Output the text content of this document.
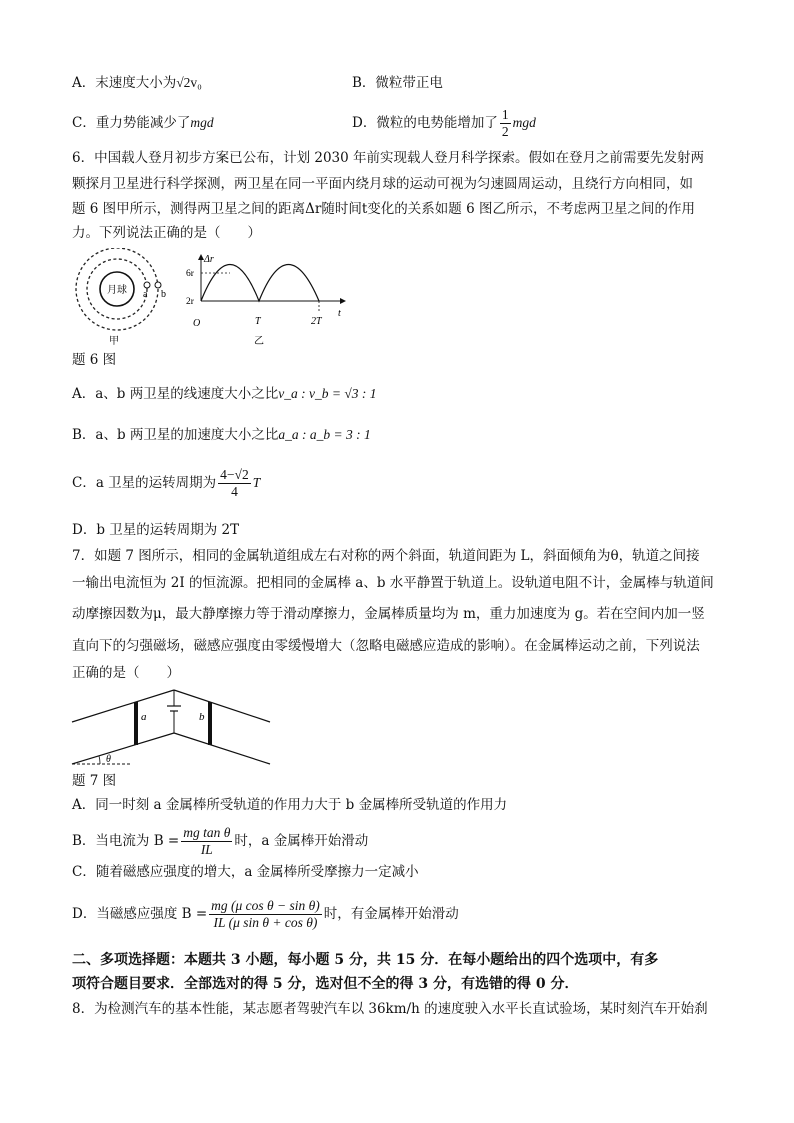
A．末速度大小为√2v₀	B．微粒带正电
C．重力势能减少了mgd	D．微粒的电势能增加了 $\frac{1}{2}$ mgd
6．中国载人登月初步方案已公布，计划 2030 年前实现载人登月科学探索。假如在登月之前需要先发射两
颗探月卫星进行科学探测，两卫星在同一平面内绕月球的运动可视为匀速圆周运动，且绕行方向相同，如
题 6 图甲所示，测得两卫星之间的距离Δr随时间t变化的关系如题 6 图乙所示，不考虑两卫星之间的作用
力。下列说法正确的是（　　）
月球 a b
甲
Δr
6r
2r
O	T	2T
t
乙
题 6 图
A．a、b 两卫星的线速度大小之比v_a : v_b = √3 : 1
B．a、b 两卫星的加速度大小之比a_a : a_b = 3 : 1
C．a 卫星的运转周期为 $\frac{4-√2}{4}$ T
D．b 卫星的运转周期为 2T
7．如题 7 图所示，相同的金属轨道组成左右对称的两个斜面，轨道间距为 L，斜面倾角为θ，轨道之间接
一输出电流恒为 2I 的恒流源。把相同的金属棒 a、b 水平静置于轨道上。设轨道电阻不计，金属棒与轨道间
动摩擦因数为μ，最大静摩擦力等于滑动摩擦力，金属棒质量均为 m，重力加速度为 g。若在空间内加一竖
直向下的匀强磁场，磁感应强度由零缓慢增大（忽略电磁感应造成的影响）。在金属棒运动之前，下列说法
正确的是（　　）
a	b
θ
题 7 图
A．同一时刻 a 金属棒所受轨道的作用力大于 b 金属棒所受轨道的作用力
B．当电流为 $B = \frac{\text{mg tan θ}}{IL}$ 时，a 金属棒开始滑动
C．随着磁感应强度的增大，a 金属棒所受摩擦力一定减小
D．当磁感应强度 $B = \frac{\text{mg (μ cos θ − sin θ)}}{\text{IL (μ sin θ + cos θ)}}$ 时，有金属棒开始滑动
二、多项选择题：本题共 3 小题，每小题 5 分，共 15 分．在每小题给出的四个选项中，有多
项符合题目要求．全部选对的得 5 分，选对但不全的得 3 分，有选错的得 0 分．
8．为检测汽车的基本性能，某志愿者驾驶汽车以 36km/h 的速度驶入水平长直试验场，某时刻汽车开始刹
